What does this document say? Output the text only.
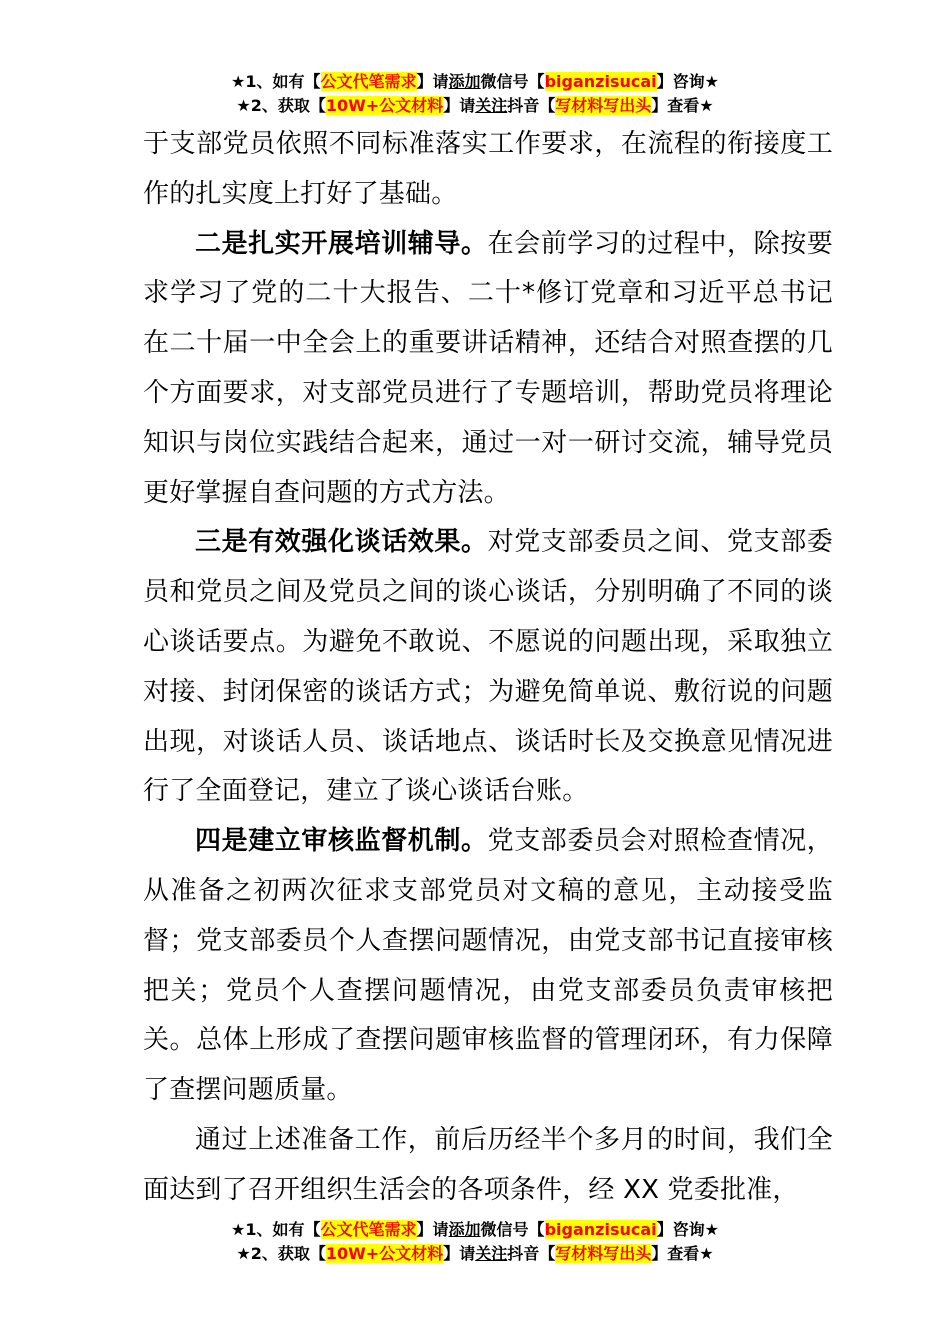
★1、如有【公文代笔需求】请添加微信号【biganzisucai】咨询★
★2、获取【10W+公文材料】请关注抖音【写材料写出头】查看★

于支部党员依照不同标准落实工作要求，在流程的衔接度工作的扎实度上打好了基础。

二是扎实开展培训辅导。在会前学习的过程中，除按要求学习了党的二十大报告、二十*修订党章和习近平总书记在二十届一中全会上的重要讲话精神，还结合对照查摆的几个方面要求，对支部党员进行了专题培训，帮助党员将理论知识与岗位实践结合起来，通过一对一研讨交流，辅导党员更好掌握自查问题的方式方法。

三是有效强化谈话效果。对党支部委员之间、党支部委员和党员之间及党员之间的谈心谈话，分别明确了不同的谈心谈话要点。为避免不敢说、不愿说的问题出现，采取独立对接、封闭保密的谈话方式；为避免简单说、敷衍说的问题出现，对谈话人员、谈话地点、谈话时长及交换意见情况进行了全面登记，建立了谈心谈话台账。

四是建立审核监督机制。党支部委员会对照检查情况，从准备之初两次征求支部党员对文稿的意见，主动接受监督；党支部委员个人查摆问题情况，由党支部书记直接审核把关；党员个人查摆问题情况，由党支部委员负责审核把关。总体上形成了查摆问题审核监督的管理闭环，有力保障了查摆问题质量。

通过上述准备工作，前后历经半个多月的时间，我们全面达到了召开组织生活会的各项条件，经 XX 党委批准，

★1、如有【公文代笔需求】请添加微信号【biganzisucai】咨询★
★2、获取【10W+公文材料】请关注抖音【写材料写出头】查看★
